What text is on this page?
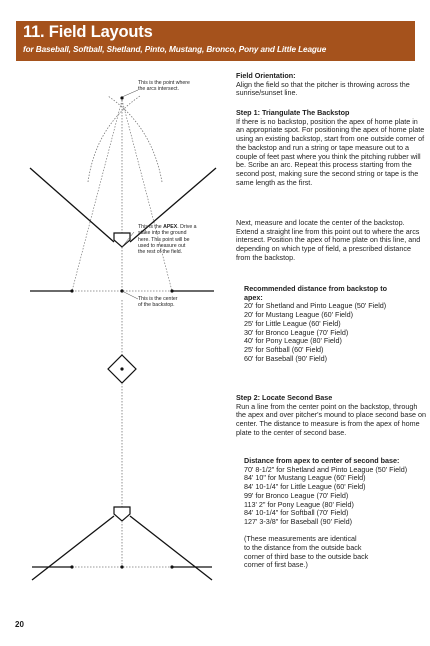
11. Field Layouts
for Baseball, Softball, Shetland, Pinto, Mustang, Bronco, Pony and Little League
This is the point where
the arcs intersect.
This is the APEX. Drive a
stake into the ground
here. This point will be
used to measure out
the rest of the field.
This is the center
of the backstop.

Field Orientation:

Align the field so that the pitcher is throwing across the sunrise/sunset line.

Step 1: Triangulate The Backstop

If there is no backstop, position the apex of home plate in an appropriate spot. For positioning the apex of home plate using an existing backstop, start from one outside corner of the backstop and run a string or tape measure out to a couple of feet past where you think the pitching rubber will be. Scribe an arc. Repeat this process starting from the second post, making sure the second string or tape is the same length as the first.

Next, measure and locate the center of the backstop. Extend a straight line from this point out to where the arcs intersect. Position the apex of home plate on this line, and depending on which type of field, a prescribed distance from the backstop.

Recommended distance from backstop to apex:
20' for Shetland and Pinto League (50' Field)
20' for Mustang League (60' Field)
25' for Little League (60' Field)
30' for Bronco League (70' Field)
40' for Pony League (80' Field)
25' for Softball (60' Field)
60' for Baseball (90' Field)

Step 2: Locate Second Base

Run a line from the center point on the backstop, through the apex and over pitcher's mound to place second base on center. The distance to measure is from the apex of home plate to the center of second base.

Distance from apex to center of second base:
70' 8-1/2" for Shetland and Pinto League (50' Field)
84' 10" for Mustang League (60' Field)
84' 10-1/4" for Little League (60' Field)
99' for Bronco League (70' Field)
113' 2" for Pony League (80' Field)
84' 10-1/4" for Softball (70' Field)
127' 3-3/8" for Baseball (90' Field)
(These measurements are identical
to the distance from the outside back
corner of third base to the outside back
corner of first base.)
20
